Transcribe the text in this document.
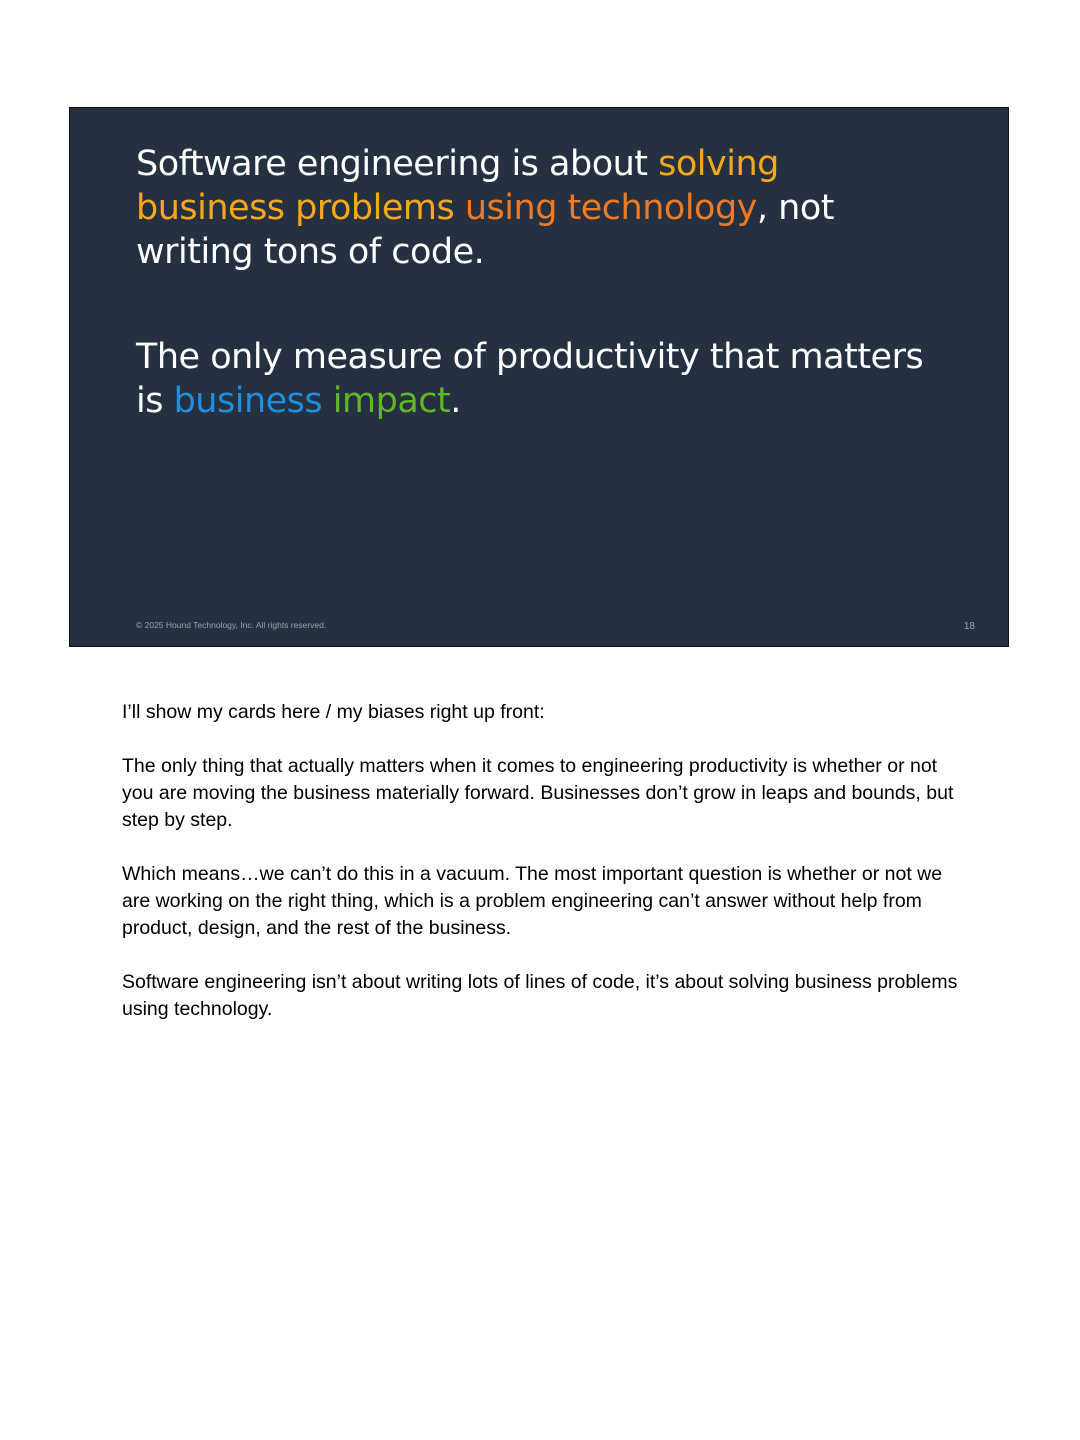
Software engineering is about solving business problems using technology, not writing tons of code.
The only measure of productivity that matters is business impact.
© 2025 Hound Technology, Inc. All rights reserved.	18

I’ll show my cards here / my biases right up front:

The only thing that actually matters when it comes to engineering productivity is whether or not you are moving the business materially forward. Businesses don’t grow in leaps and bounds, but step by step.

Which means…we can’t do this in a vacuum. The most important question is whether or not we are working on the right thing, which is a problem engineering can’t answer without help from product, design, and the rest of the business.

Software engineering isn’t about writing lots of lines of code, it’s about solving business problems using technology.
